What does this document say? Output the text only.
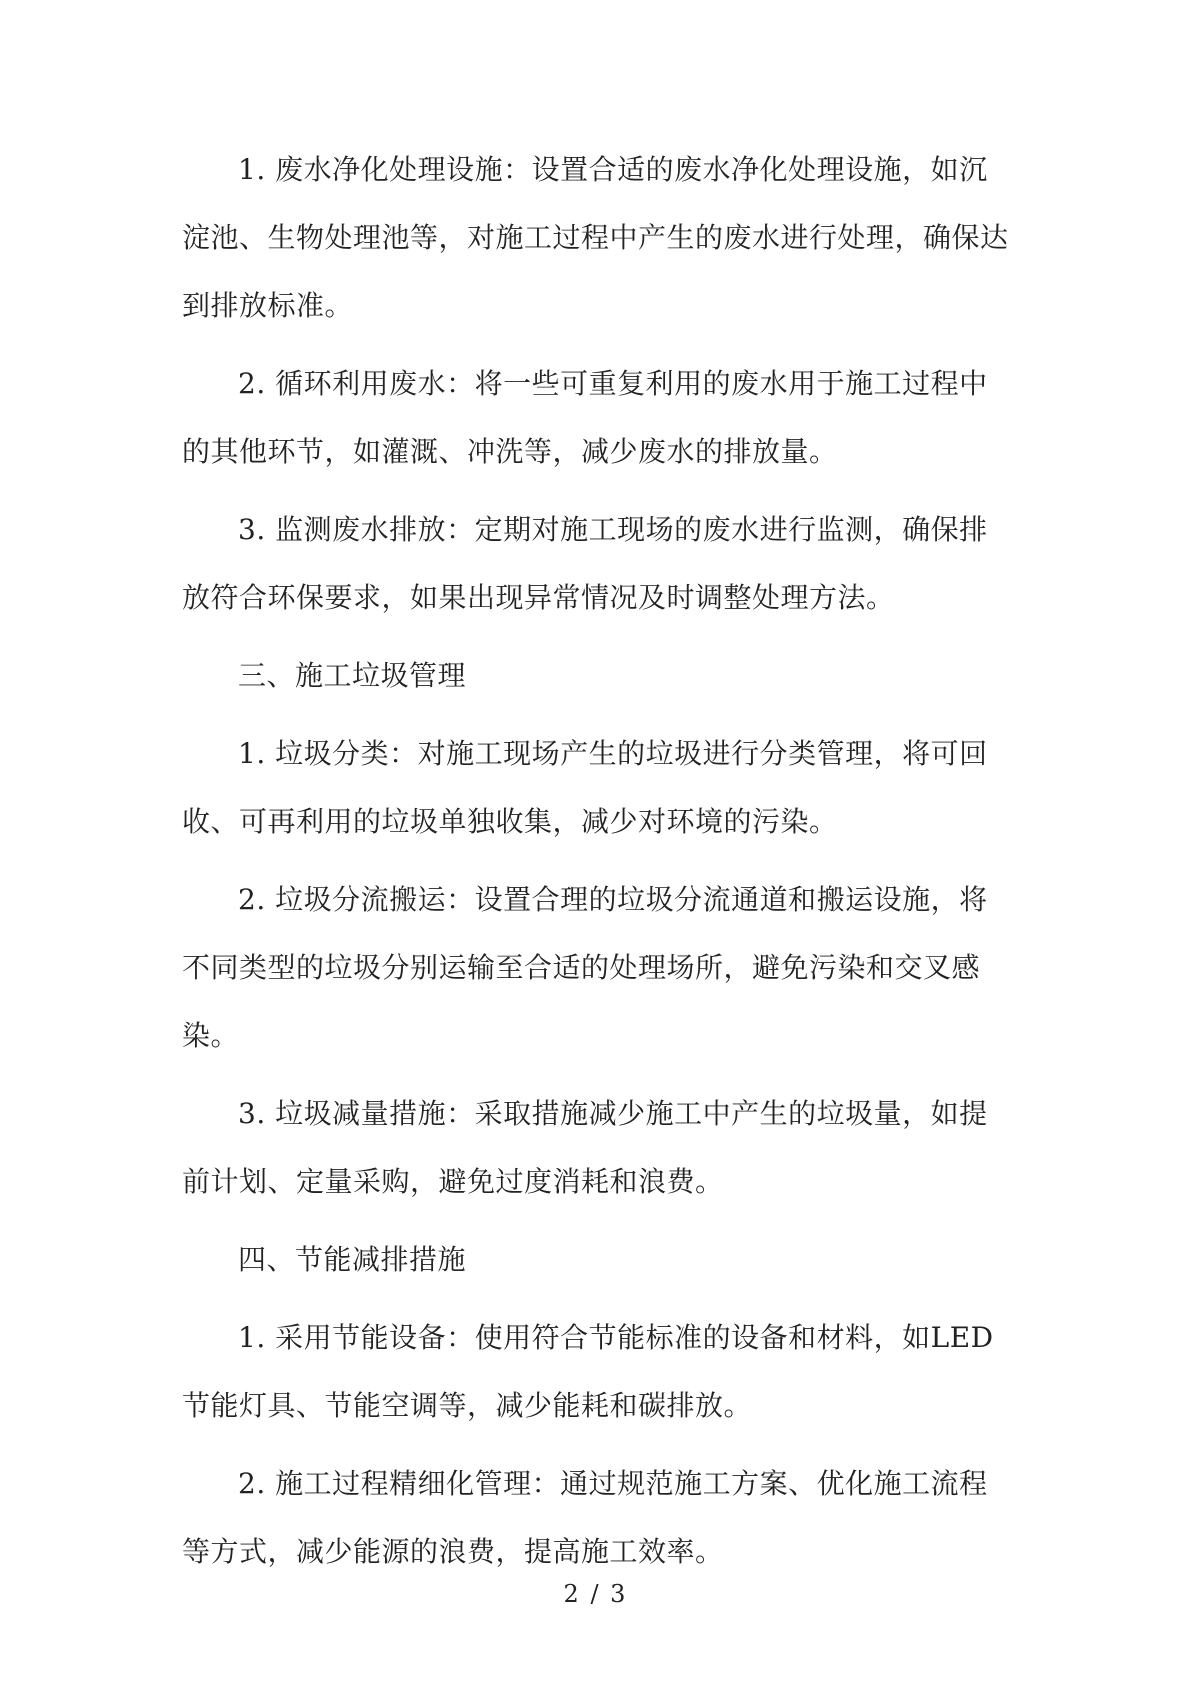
1. 废水净化处理设施：设置合适的废水净化处理设施，如沉淀池、生物处理池等，对施工过程中产生的废水进行处理，确保达到排放标准。

2. 循环利用废水：将一些可重复利用的废水用于施工过程中的其他环节，如灌溉、冲洗等，减少废水的排放量。

3. 监测废水排放：定期对施工现场的废水进行监测，确保排放符合环保要求，如果出现异常情况及时调整处理方法。

三、施工垃圾管理

1. 垃圾分类：对施工现场产生的垃圾进行分类管理，将可回收、可再利用的垃圾单独收集，减少对环境的污染。

2. 垃圾分流搬运：设置合理的垃圾分流通道和搬运设施，将不同类型的垃圾分别运输至合适的处理场所，避免污染和交叉感染。

3. 垃圾减量措施：采取措施减少施工中产生的垃圾量，如提前计划、定量采购，避免过度消耗和浪费。

四、节能减排措施

1. 采用节能设备：使用符合节能标准的设备和材料，如LED节能灯具、节能空调等，减少能耗和碳排放。

2. 施工过程精细化管理：通过规范施工方案、优化施工流程等方式，减少能源的浪费，提高施工效率。

2 / 3
